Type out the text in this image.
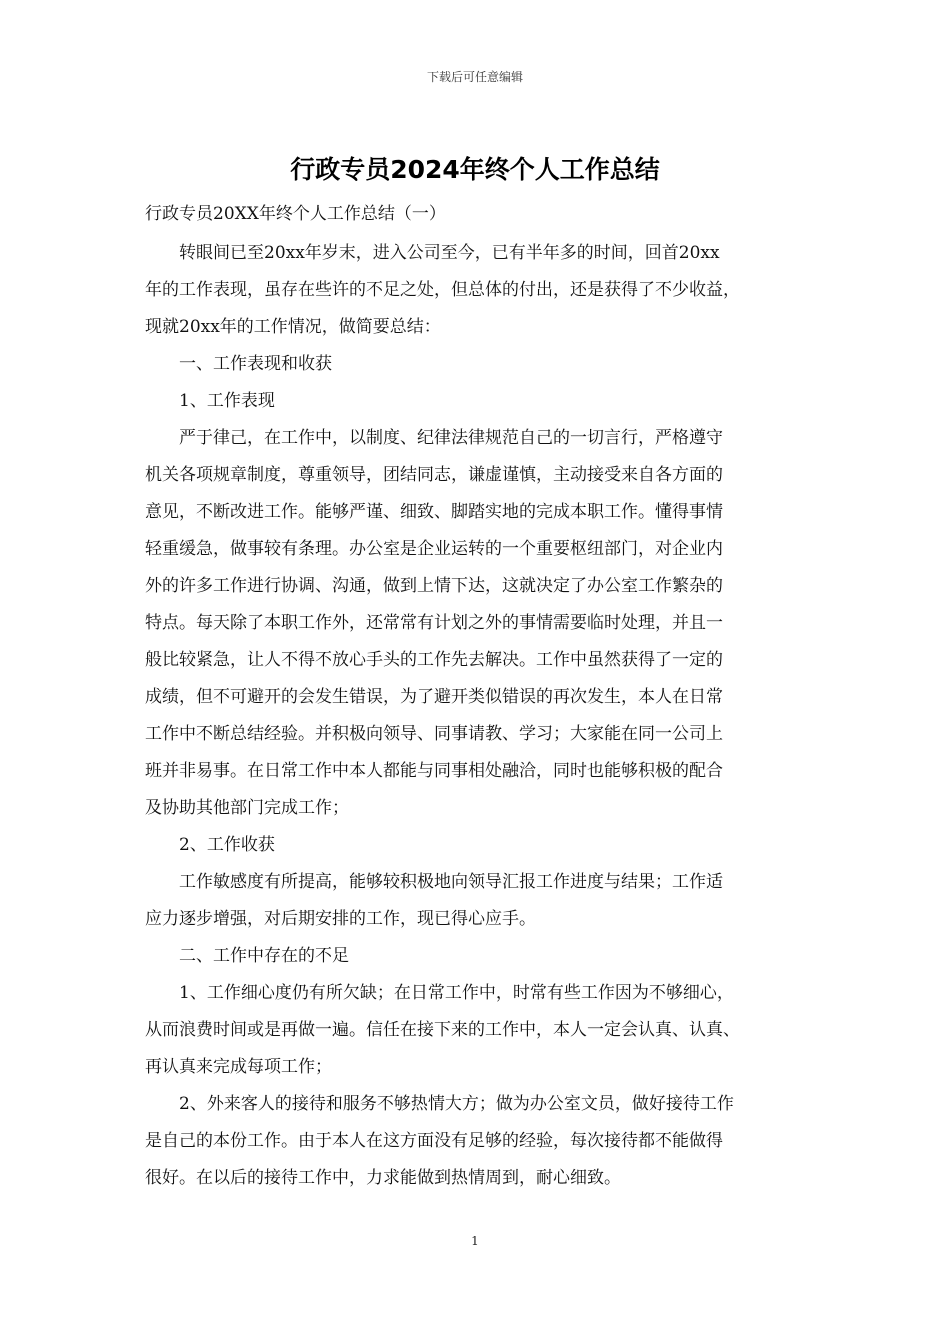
下载后可任意编辑
行政专员2024年终个人工作总结
行政专员20XX年终个人工作总结（一）
转眼间已至20xx年岁末，进入公司至今，已有半年多的时间，回首20xx
年的工作表现，虽存在些许的不足之处，但总体的付出，还是获得了不少收益，
现就20xx年的工作情况，做简要总结：
一、工作表现和收获
1、工作表现
严于律己，在工作中，以制度、纪律法律规范自己的一切言行，严格遵守
机关各项规章制度，尊重领导，团结同志，谦虚谨慎，主动接受来自各方面的
意见，不断改进工作。能够严谨、细致、脚踏实地的完成本职工作。懂得事情
轻重缓急，做事较有条理。办公室是企业运转的一个重要枢纽部门，对企业内
外的许多工作进行协调、沟通，做到上情下达，这就决定了办公室工作繁杂的
特点。每天除了本职工作外，还常常有计划之外的事情需要临时处理，并且一
般比较紧急，让人不得不放心手头的工作先去解决。工作中虽然获得了一定的
成绩，但不可避开的会发生错误，为了避开类似错误的再次发生，本人在日常
工作中不断总结经验。并积极向领导、同事请教、学习；大家能在同一公司上
班并非易事。在日常工作中本人都能与同事相处融洽，同时也能够积极的配合
及协助其他部门完成工作；
2、工作收获
工作敏感度有所提高，能够较积极地向领导汇报工作进度与结果；工作适
应力逐步增强，对后期安排的工作，现已得心应手。
二、工作中存在的不足
1、工作细心度仍有所欠缺；在日常工作中，时常有些工作因为不够细心，
从而浪费时间或是再做一遍。信任在接下来的工作中，本人一定会认真、认真、
再认真来完成每项工作；
2、外来客人的接待和服务不够热情大方；做为办公室文员，做好接待工作
是自己的本份工作。由于本人在这方面没有足够的经验，每次接待都不能做得
很好。在以后的接待工作中，力求能做到热情周到，耐心细致。
1
